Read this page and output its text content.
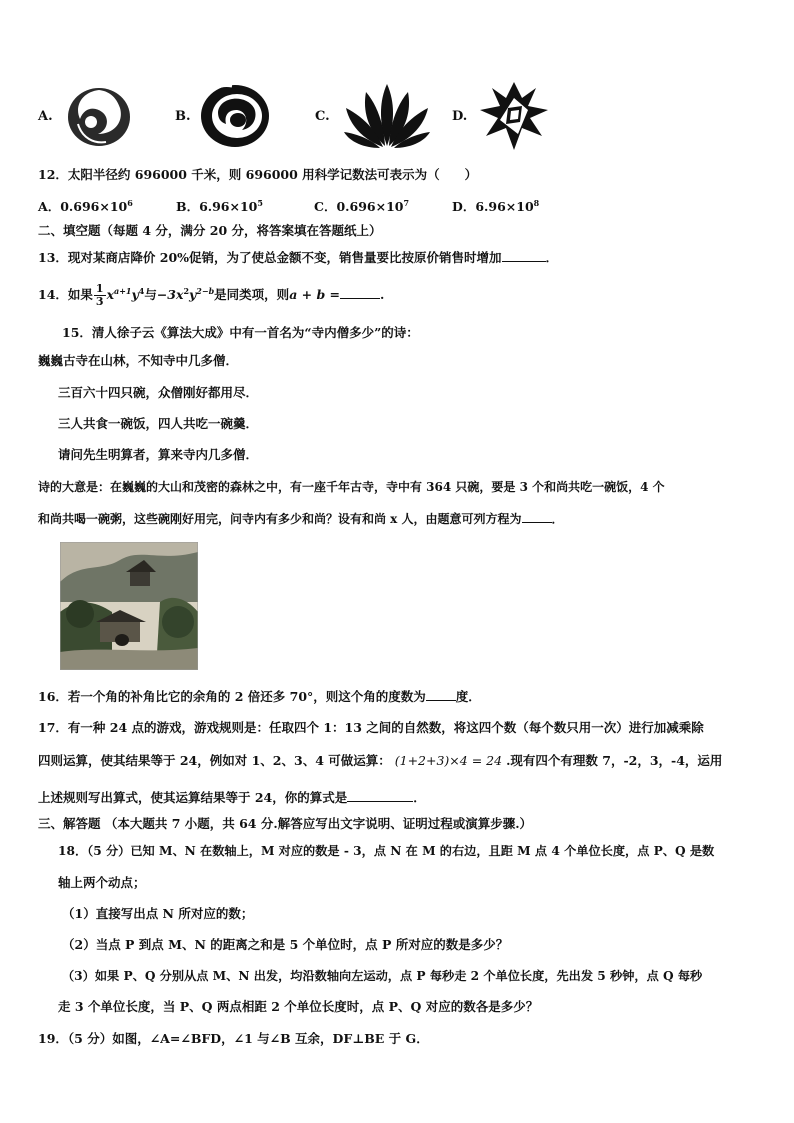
A.	B.	C.	D.
12．太阳半径约 696000 千米，则 696000 用科学记数法可表示为（　　）
A．$0.696\times 10^6$	B．$6.96\times 10^5$	C．$0.696\times 10^7$	D．$6.96\times 10^8$
二、填空题（每题 4 分，满分 20 分，将答案填在答题纸上）
13．现对某商店降价 20%促销，为了使总金额不变，销售量要比按原价销售时增加	．
14．如果 $\frac{1}{3} x^{a+1}y^4$与$-3x^2y^{2-b}$是同类项，则a + b =	.
15．清人徐子云《算法大成》中有一首名为“寺内僧多少”的诗：
巍巍古寺在山林，不知寺中几多僧．
三百六十四只碗，众僧刚好都用尽．
三人共食一碗饭，四人共吃一碗羹．
请问先生明算者，算来寺内几多僧．
诗的大意是：在巍巍的大山和茂密的森林之中，有一座千年古寺，寺中有 364 只碗，要是 3 个和尚共吃一碗饭，4 个
和尚共喝一碗粥，这些碗刚好用完，问寺内有多少和尚？设有和尚 x 人，由题意可列方程为	．
16．若一个角的补角比它的余角的 2 倍还多 70°，则这个角的度数为 度．
17．有一种 24 点的游戏，游戏规则是：任取四个 1：13 之间的自然数，将这四个数（每个数只用一次）进行加减乘除
四则运算，使其结果等于 24，例如对 1、2、3、4 可做运算： (1+2+3)×4 = 24 .现有四个有理数 7，-2，3，-4，运用
上述规则写出算式，使其运算结果等于 24，你的算式是	．
三、解答题 （本大题共 7 小题，共 64 分.解答应写出文字说明、证明过程或演算步骤.）
18．（5 分）已知 M、N 在数轴上，M 对应的数是 - 3，点 N 在 M 的右边，且距 M 点 4 个单位长度，点 P、Q 是数
轴上两个动点；
（1）直接写出点 N 所对应的数；
（2）当点 P 到点 M、N 的距离之和是 5 个单位时，点 P 所对应的数是多少？
（3）如果 P、Q 分别从点 M、N 出发，均沿数轴向左运动，点 P 每秒走 2 个单位长度，先出发 5 秒钟，点 Q 每秒
走 3 个单位长度，当 P、Q 两点相距 2 个单位长度时，点 P、Q 对应的数各是多少？
19．（5 分）如图，∠A=∠BFD，∠1 与∠B 互余，DF⊥BE 于 G．
